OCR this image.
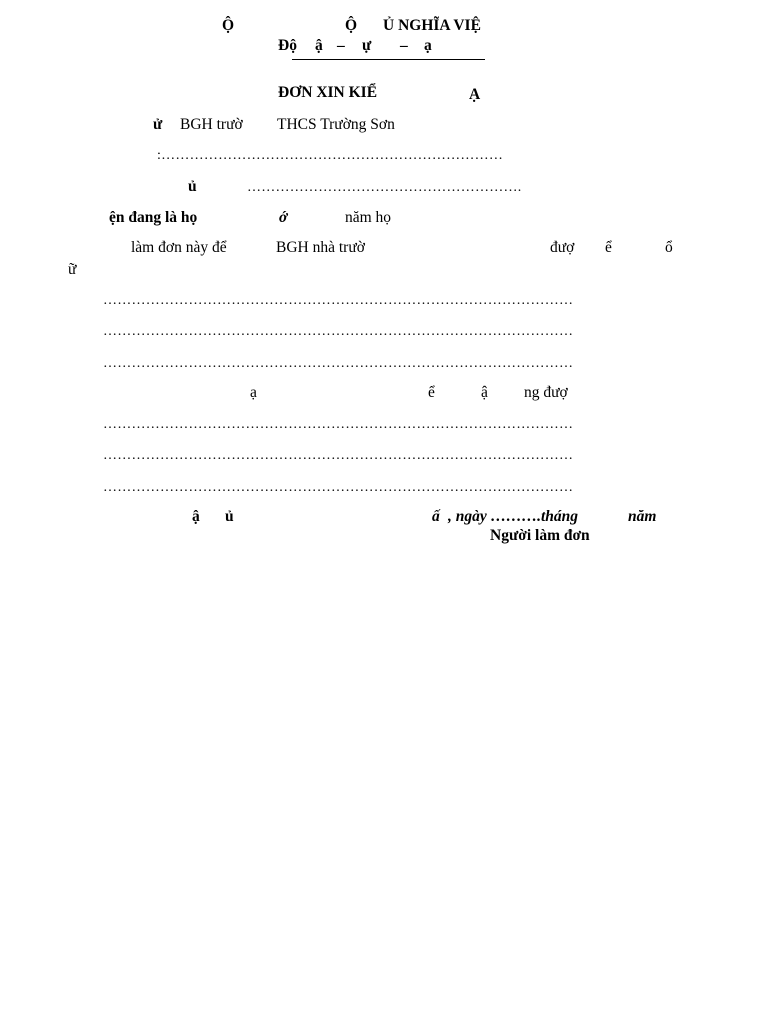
Ộ	Ộ Ủ NGHĨA VIỆ
Độ ậ – ự – ạ
ĐƠN XIN KIỂ	Ạ
ử BGH trườ THCS Trường Sơn
:………………………………………………………………
ủ	………………………………………………….
ện đang là họ	ớ	năm họ
làm đơn này để	BGH nhà trườ	đượ ể	ổ
ữ
………………………………………………………………………………………
………………………………………………………………………………………
………………………………………………………………………………………
ạ	ể	ậ ng đượ
………………………………………………………………………………………
………………………………………………………………………………………
………………………………………………………………………………………
ậ ủ	ấ , ngày ……….tháng	năm
Người làm đơn
